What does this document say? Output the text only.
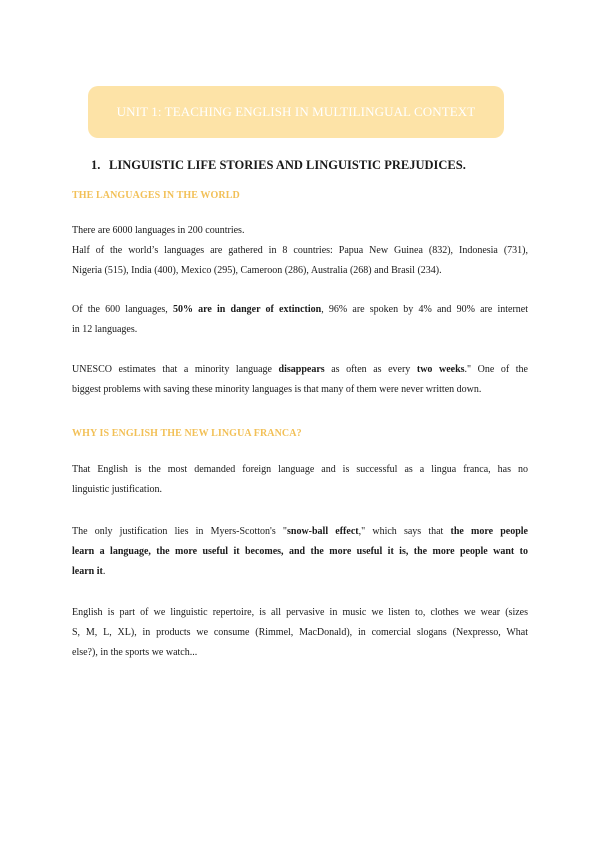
UNIT 1: TEACHING ENGLISH IN MULTILINGUAL CONTEXT
1. LINGUISTIC LIFE STORIES AND LINGUISTIC PREJUDICES.
THE LANGUAGES IN THE WORLD
There are 6000 languages in 200 countries.
Half of the world’s languages are gathered in 8 countries: Papua New Guinea (832), Indonesia (731),
Nigeria (515), India (400), Mexico (295), Cameroon (286), Australia (268) and Brasil (234).
Of the 600 languages, 50% are in danger of extinction, 96% are spoken by 4% and 90% are internet
in 12 languages.
UNESCO estimates that a minority language disappears as often as every two weeks." One of the
biggest problems with saving these minority languages is that many of them were never written down.
WHY IS ENGLISH THE NEW LINGUA FRANCA?
That English is the most demanded foreign language and is successful as a lingua franca, has no
linguistic justification.
The only justification lies in Myers-Scotton's "snow-ball effect," which says that the more people
learn a language, the more useful it becomes, and the more useful it is, the more people want to
learn it.
English is part of we linguistic repertoire, is all pervasive in music we listen to, clothes we wear (sizes
S, M, L, XL), in products we consume (Rimmel, MacDonald), in comercial slogans (Nexpresso, What
else?), in the sports we watch...
